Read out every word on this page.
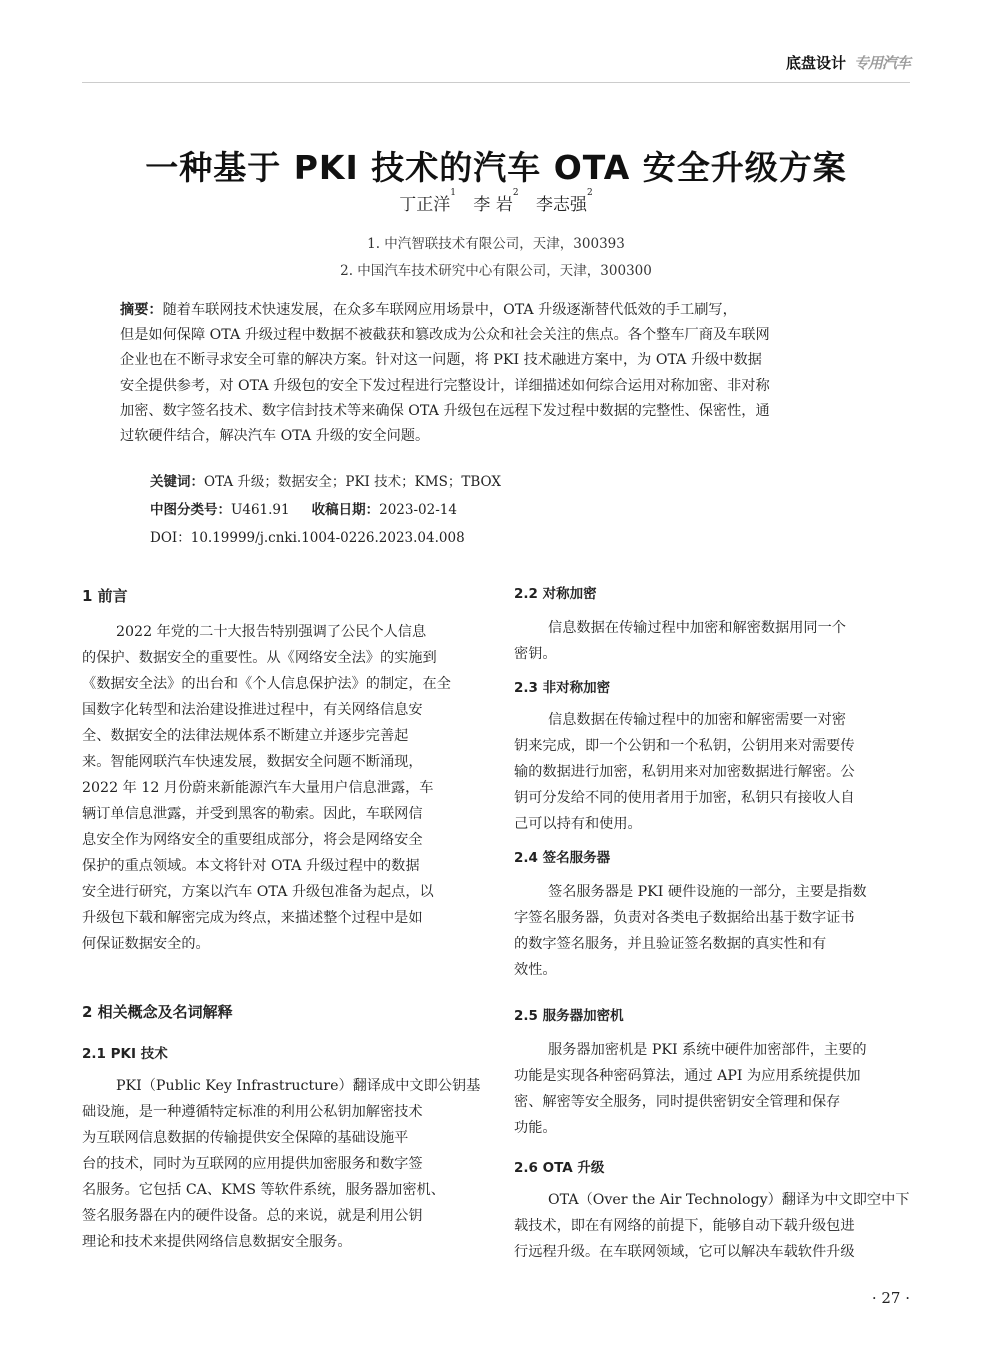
底盘设计 专用汽车
一种基于 PKI 技术的汽车 OTA 安全升级方案
丁正洋$^1$ 李 岩$^2$ 李志强$^2$
1. 中汽智联技术有限公司，天津，300393
2. 中国汽车技术研究中心有限公司，天津，300300
摘要：随着车联网技术快速发展，在众多车联网应用场景中，OTA 升级逐渐替代低效的手工刷写，
但是如何保障 OTA 升级过程中数据不被截获和篡改成为公众和社会关注的焦点。各个整车厂商及车联网
企业也在不断寻求安全可靠的解决方案。针对这一问题，将 PKI 技术融进方案中，为 OTA 升级中数据
安全提供参考，对 OTA 升级包的安全下发过程进行完整设计，详细描述如何综合运用对称加密、非对称
加密、数字签名技术、数字信封技术等来确保 OTA 升级包在远程下发过程中数据的完整性、保密性，通
过软硬件结合，解决汽车 OTA 升级的安全问题。
关键词：OTA 升级；数据安全；PKI 技术；KMS；TBOX
中图分类号：U461.91 收稿日期：2023-02-14
DOI：10.19999/j.cnki.1004-0226.2023.04.008
1 前言
2022 年党的二十大报告特别强调了公民个人信息
的保护、数据安全的重要性。从《网络安全法》的实施到
《数据安全法》的出台和《个人信息保护法》的制定，在全
国数字化转型和法治建设推进过程中，有关网络信息安
全、数据安全的法律法规体系不断建立并逐步完善起
来。智能网联汽车快速发展，数据安全问题不断涌现，
2022 年 12 月份蔚来新能源汽车大量用户信息泄露，车
辆订单信息泄露，并受到黑客的勒索。因此，车联网信
息安全作为网络安全的重要组成部分，将会是网络安全
保护的重点领域。本文将针对 OTA 升级过程中的数据
安全进行研究，方案以汽车 OTA 升级包准备为起点，以
升级包下载和解密完成为终点，来描述整个过程中是如
何保证数据安全的。
2 相关概念及名词解释
2.1 PKI 技术
PKI（Public Key Infrastructure）翻译成中文即公钥基
础设施，是一种遵循特定标准的利用公私钥加解密技术
为互联网信息数据的传输提供安全保障的基础设施平
台的技术，同时为互联网的应用提供加密服务和数字签
名服务。它包括 CA、KMS 等软件系统，服务器加密机、
签名服务器在内的硬件设备。总的来说，就是利用公钥
理论和技术来提供网络信息数据安全服务。
2.2 对称加密
信息数据在传输过程中加密和解密数据用同一个
密钥。
2.3 非对称加密
信息数据在传输过程中的加密和解密需要一对密
钥来完成，即一个公钥和一个私钥，公钥用来对需要传
输的数据进行加密，私钥用来对加密数据进行解密。公
钥可分发给不同的使用者用于加密，私钥只有接收人自
己可以持有和使用。
2.4 签名服务器
签名服务器是 PKI 硬件设施的一部分，主要是指数
字签名服务器，负责对各类电子数据给出基于数字证书
的数字签名服务，并且验证签名数据的真实性和有
效性。
2.5 服务器加密机
服务器加密机是 PKI 系统中硬件加密部件，主要的
功能是实现各种密码算法，通过 API 为应用系统提供加
密、解密等安全服务，同时提供密钥安全管理和保存
功能。
2.6 OTA 升级
OTA（Over the Air Technology）翻译为中文即空中下
载技术，即在有网络的前提下，能够自动下载升级包进
行远程升级。在车联网领域，它可以解决车载软件升级
· 27 ·
